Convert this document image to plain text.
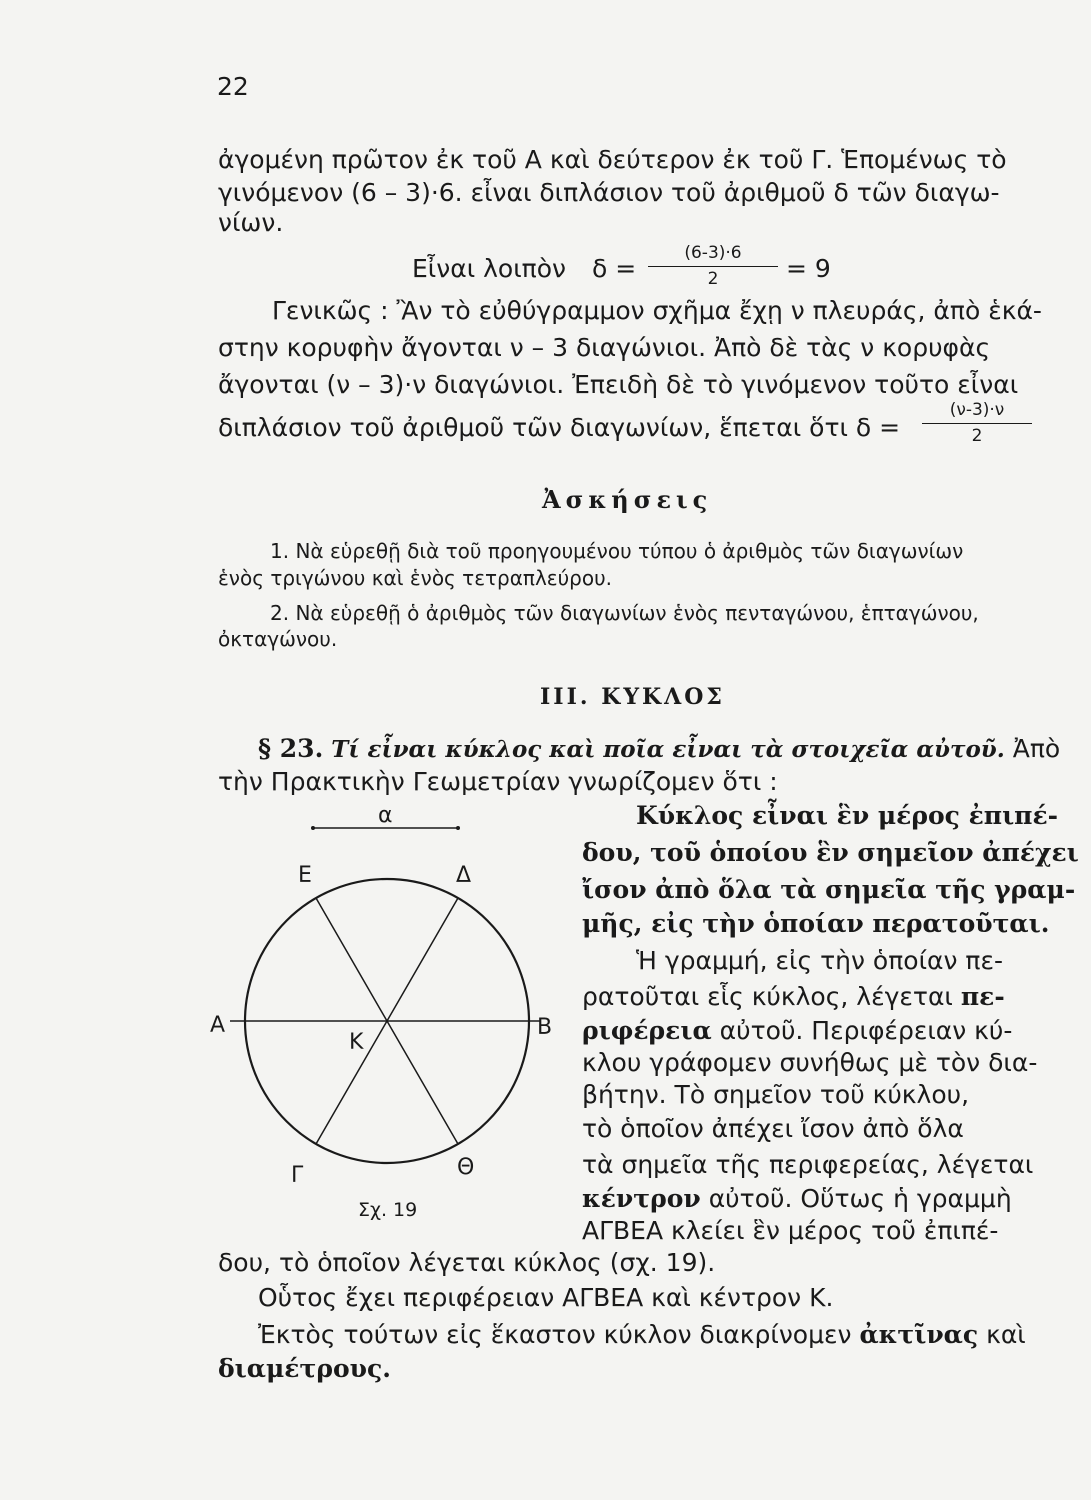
22
ἀγομένη πρῶτον ἐκ τοῦ Α καὶ δεύτερον ἐκ τοῦ Γ. Ἑπομένως τὸ
γινόμενον (6 – 3)·6. εἶναι διπλάσιον τοῦ ἀριθμοῦ δ τῶν διαγω-
νίων.
Εἶναι λοιπὸν $\delta = \frac{(6-3)\cdot 6}{2} = 9$
Γενικῶς : Ἂν τὸ εὐθύγραμμον σχῆμα ἔχῃ ν πλευράς, ἀπὸ ἑκά-
στην κορυφὴν ἄγονται ν – 3 διαγώνιοι. Ἀπὸ δὲ τὰς ν κορυφὰς
ἄγονται (ν – 3)·ν διαγώνιοι. Ἐπειδὴ δὲ τὸ γινόμενον τοῦτο εἶναι
διπλάσιον τοῦ ἀριθμοῦ τῶν διαγωνίων, ἕπεται ὅτι $\delta = \frac{(\nu-3)\cdot\nu}{2}$
Ἀσκήσεις
1. Νὰ εὑρεθῇ διὰ τοῦ προηγουμένου τύπου ὁ ἀριθμὸς τῶν διαγωνίων
ἑνὸς τριγώνου καὶ ἑνὸς τετραπλεύρου.
2. Νὰ εὑρεθῇ ὁ ἀριθμὸς τῶν διαγωνίων ἑνὸς πενταγώνου, ἑπταγώνου,
ὀκταγώνου.
III. ΚΥΚΛΟΣ
§ 23. Τί εἶναι κύκλος καὶ ποῖα εἶναι τὰ στοιχεῖα αὐτοῦ. Ἀπὸ
τὴν Πρακτικὴν Γεωμετρίαν γνωρίζομεν ὅτι :
Κύκλος εἶναι ἓν μέρος ἐπιπέ-
δου, τοῦ ὁποίου ἓν σημεῖον ἀπέχει
ἴσον ἀπὸ ὅλα τὰ σημεῖα τῆς γραμ-
μῆς, εἰς τὴν ὁποίαν περατοῦται.
Ἡ γραμμή, εἰς τὴν ὁποίαν πε-
ρατοῦται εἷς κύκλος, λέγεται πε-
ριφέρεια αὐτοῦ. Περιφέρειαν κύ-
κλου γράφομεν συνήθως μὲ τὸν δια-
βήτην. Τὸ σημεῖον τοῦ κύκλου,
τὸ ὁποῖον ἀπέχει ἴσον ἀπὸ ὅλα
τὰ σημεῖα τῆς περιφερείας, λέγεται
κέντρον αὐτοῦ. Οὕτως ἡ γραμμὴ
ΑΓΒΕΑ κλείει ἓν μέρος τοῦ ἐπιπέ-
δου, τὸ ὁποῖον λέγεται κύκλος (σχ. 19).
Οὗτος ἔχει περιφέρειαν ΑΓΒΕΑ καὶ κέντρον Κ.
Ἐκτὸς τούτων εἰς ἕκαστον κύκλον διακρίνομεν ἀκτῖνας καὶ
διαμέτρους.
α
Ε	Δ
Α	Β
Κ
Γ	Θ
Σχ. 19
